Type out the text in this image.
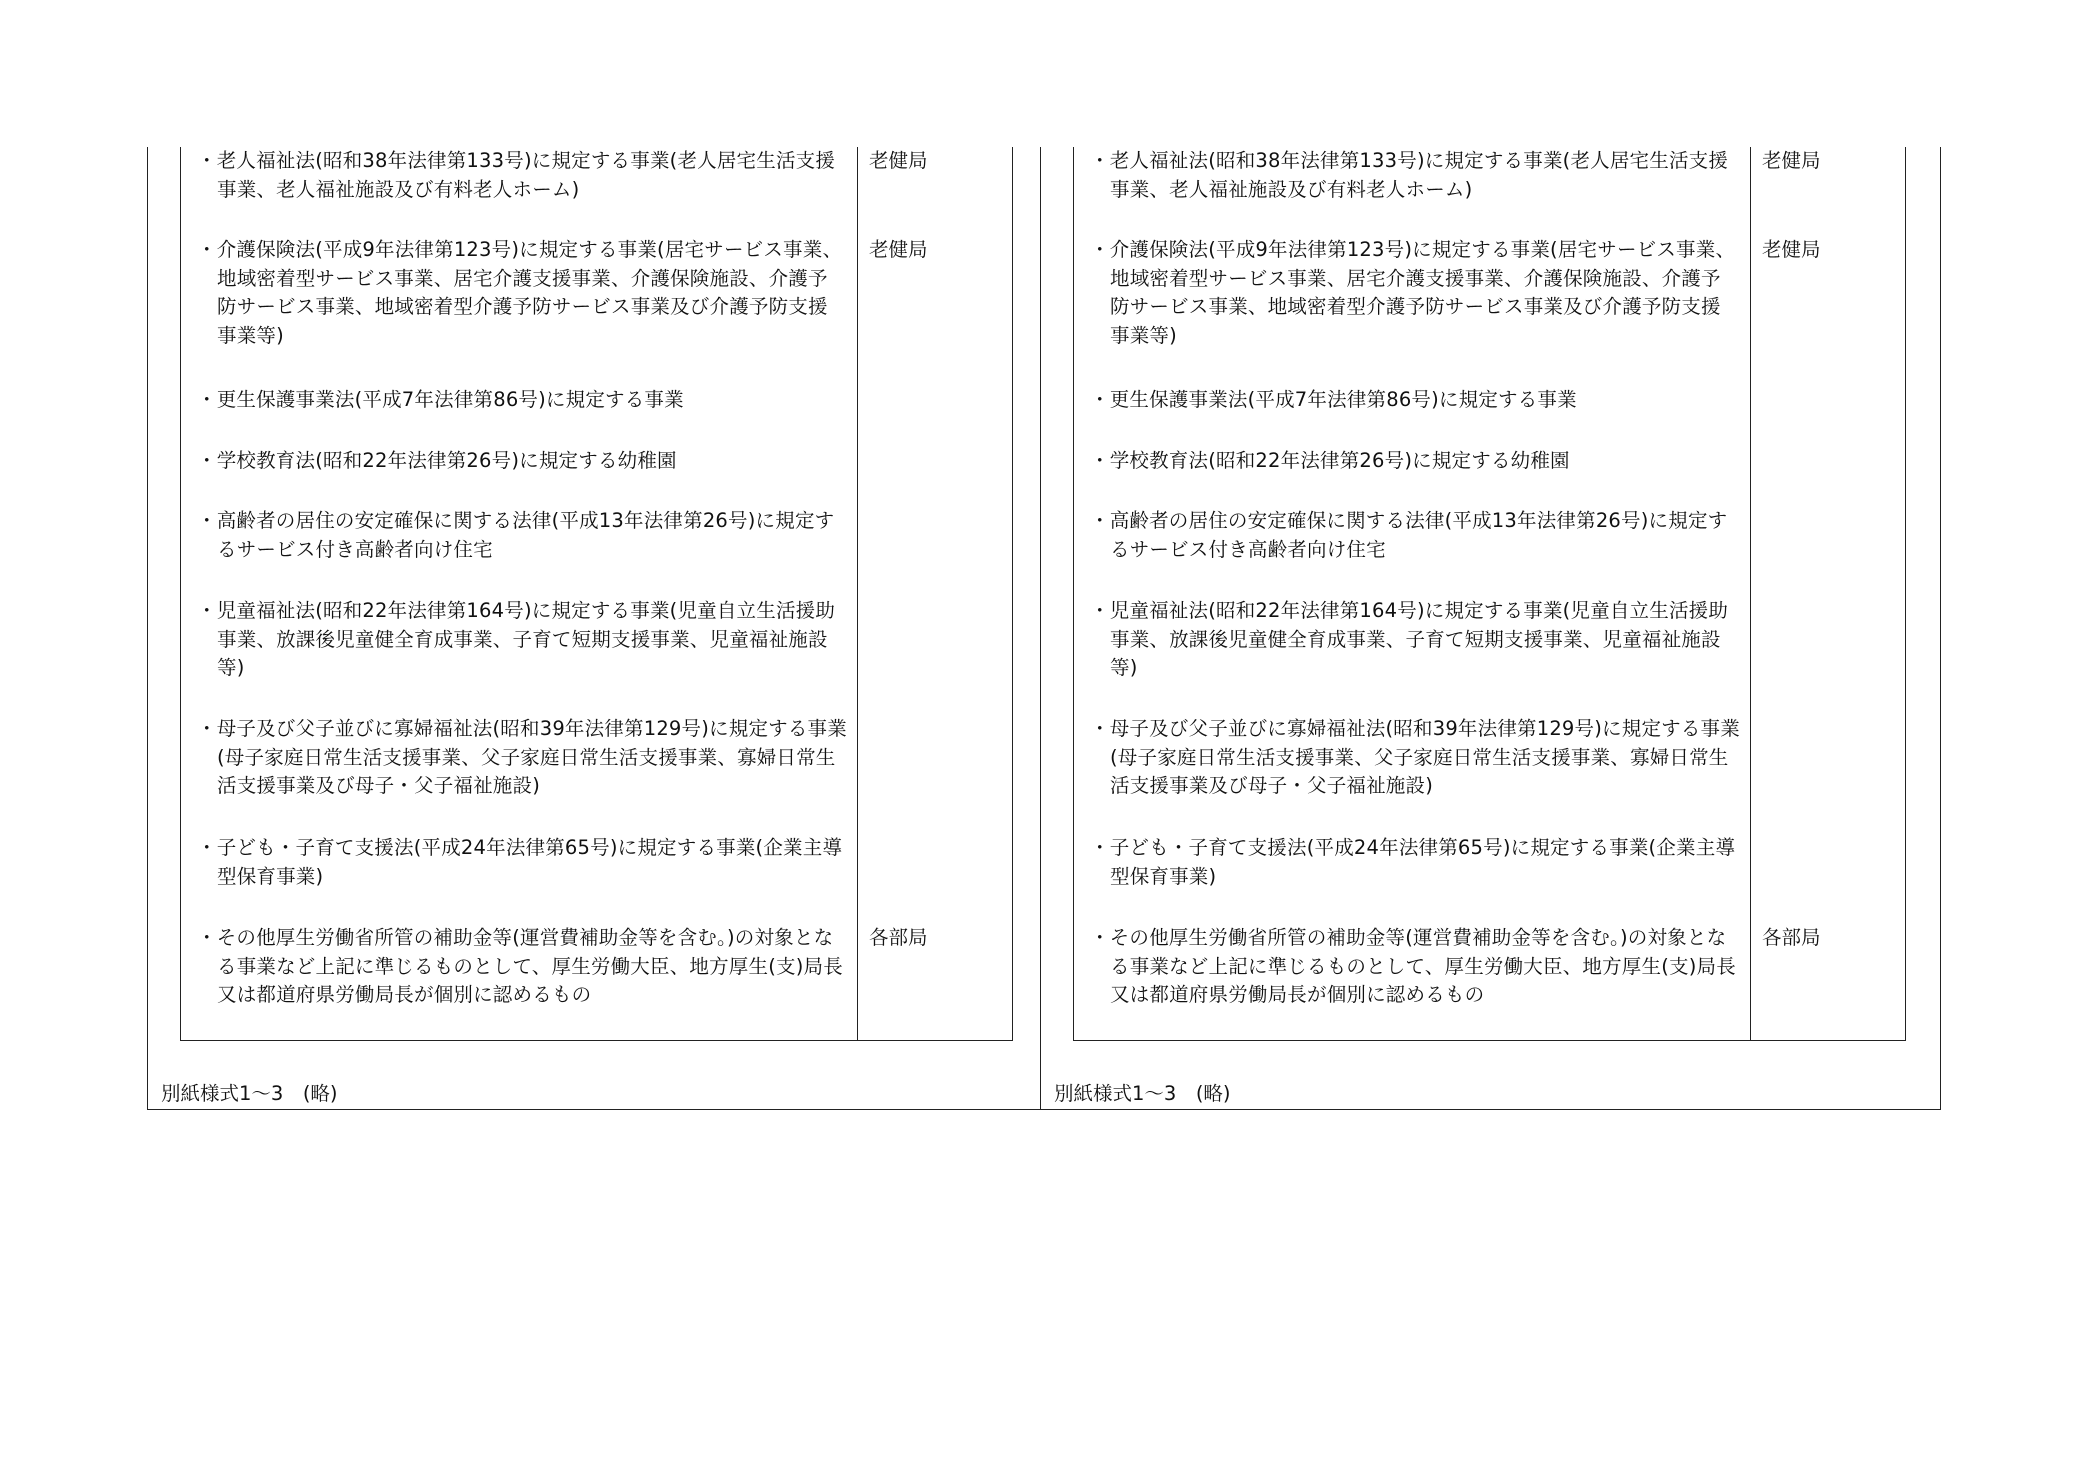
・老人福祉法(昭和38年法律第133号)に規定する事業(老人居宅生活支援事業、老人福祉施設及び有料老人ホーム)
老健局
・介護保険法(平成9年法律第123号)に規定する事業(居宅サービス事業、地域密着型サービス事業、居宅介護支援事業、介護保険施設、介護予防サービス事業、地域密着型介護予防サービス事業及び介護予防支援事業等)
老健局
・更生保護事業法(平成7年法律第86号)に規定する事業
・学校教育法(昭和22年法律第26号)に規定する幼稚園
・高齢者の居住の安定確保に関する法律(平成13年法律第26号)に規定するサービス付き高齢者向け住宅
・児童福祉法(昭和22年法律第164号)に規定する事業(児童自立生活援助事業、放課後児童健全育成事業、子育て短期支援事業、児童福祉施設等)
・母子及び父子並びに寡婦福祉法(昭和39年法律第129号)に規定する事業(母子家庭日常生活支援事業、父子家庭日常生活支援事業、寡婦日常生活支援事業及び母子・父子福祉施設)
・子ども・子育て支援法(平成24年法律第65号)に規定する事業(企業主導型保育事業)
・その他厚生労働省所管の補助金等(運営費補助金等を含む。)の対象となる事業など上記に準じるものとして、厚生労働大臣、地方厚生(支)局長又は都道府県労働局長が個別に認めるもの
各部局
別紙様式1～3　(略)
・老人福祉法(昭和38年法律第133号)に規定する事業(老人居宅生活支援事業、老人福祉施設及び有料老人ホーム)
老健局
・介護保険法(平成9年法律第123号)に規定する事業(居宅サービス事業、地域密着型サービス事業、居宅介護支援事業、介護保険施設、介護予防サービス事業、地域密着型介護予防サービス事業及び介護予防支援事業等)
老健局
・更生保護事業法(平成7年法律第86号)に規定する事業
・学校教育法(昭和22年法律第26号)に規定する幼稚園
・高齢者の居住の安定確保に関する法律(平成13年法律第26号)に規定するサービス付き高齢者向け住宅
・児童福祉法(昭和22年法律第164号)に規定する事業(児童自立生活援助事業、放課後児童健全育成事業、子育て短期支援事業、児童福祉施設等)
・母子及び父子並びに寡婦福祉法(昭和39年法律第129号)に規定する事業(母子家庭日常生活支援事業、父子家庭日常生活支援事業、寡婦日常生活支援事業及び母子・父子福祉施設)
・子ども・子育て支援法(平成24年法律第65号)に規定する事業(企業主導型保育事業)
・その他厚生労働省所管の補助金等(運営費補助金等を含む。)の対象となる事業など上記に準じるものとして、厚生労働大臣、地方厚生(支)局長又は都道府県労働局長が個別に認めるもの
各部局
別紙様式1～3　(略)
